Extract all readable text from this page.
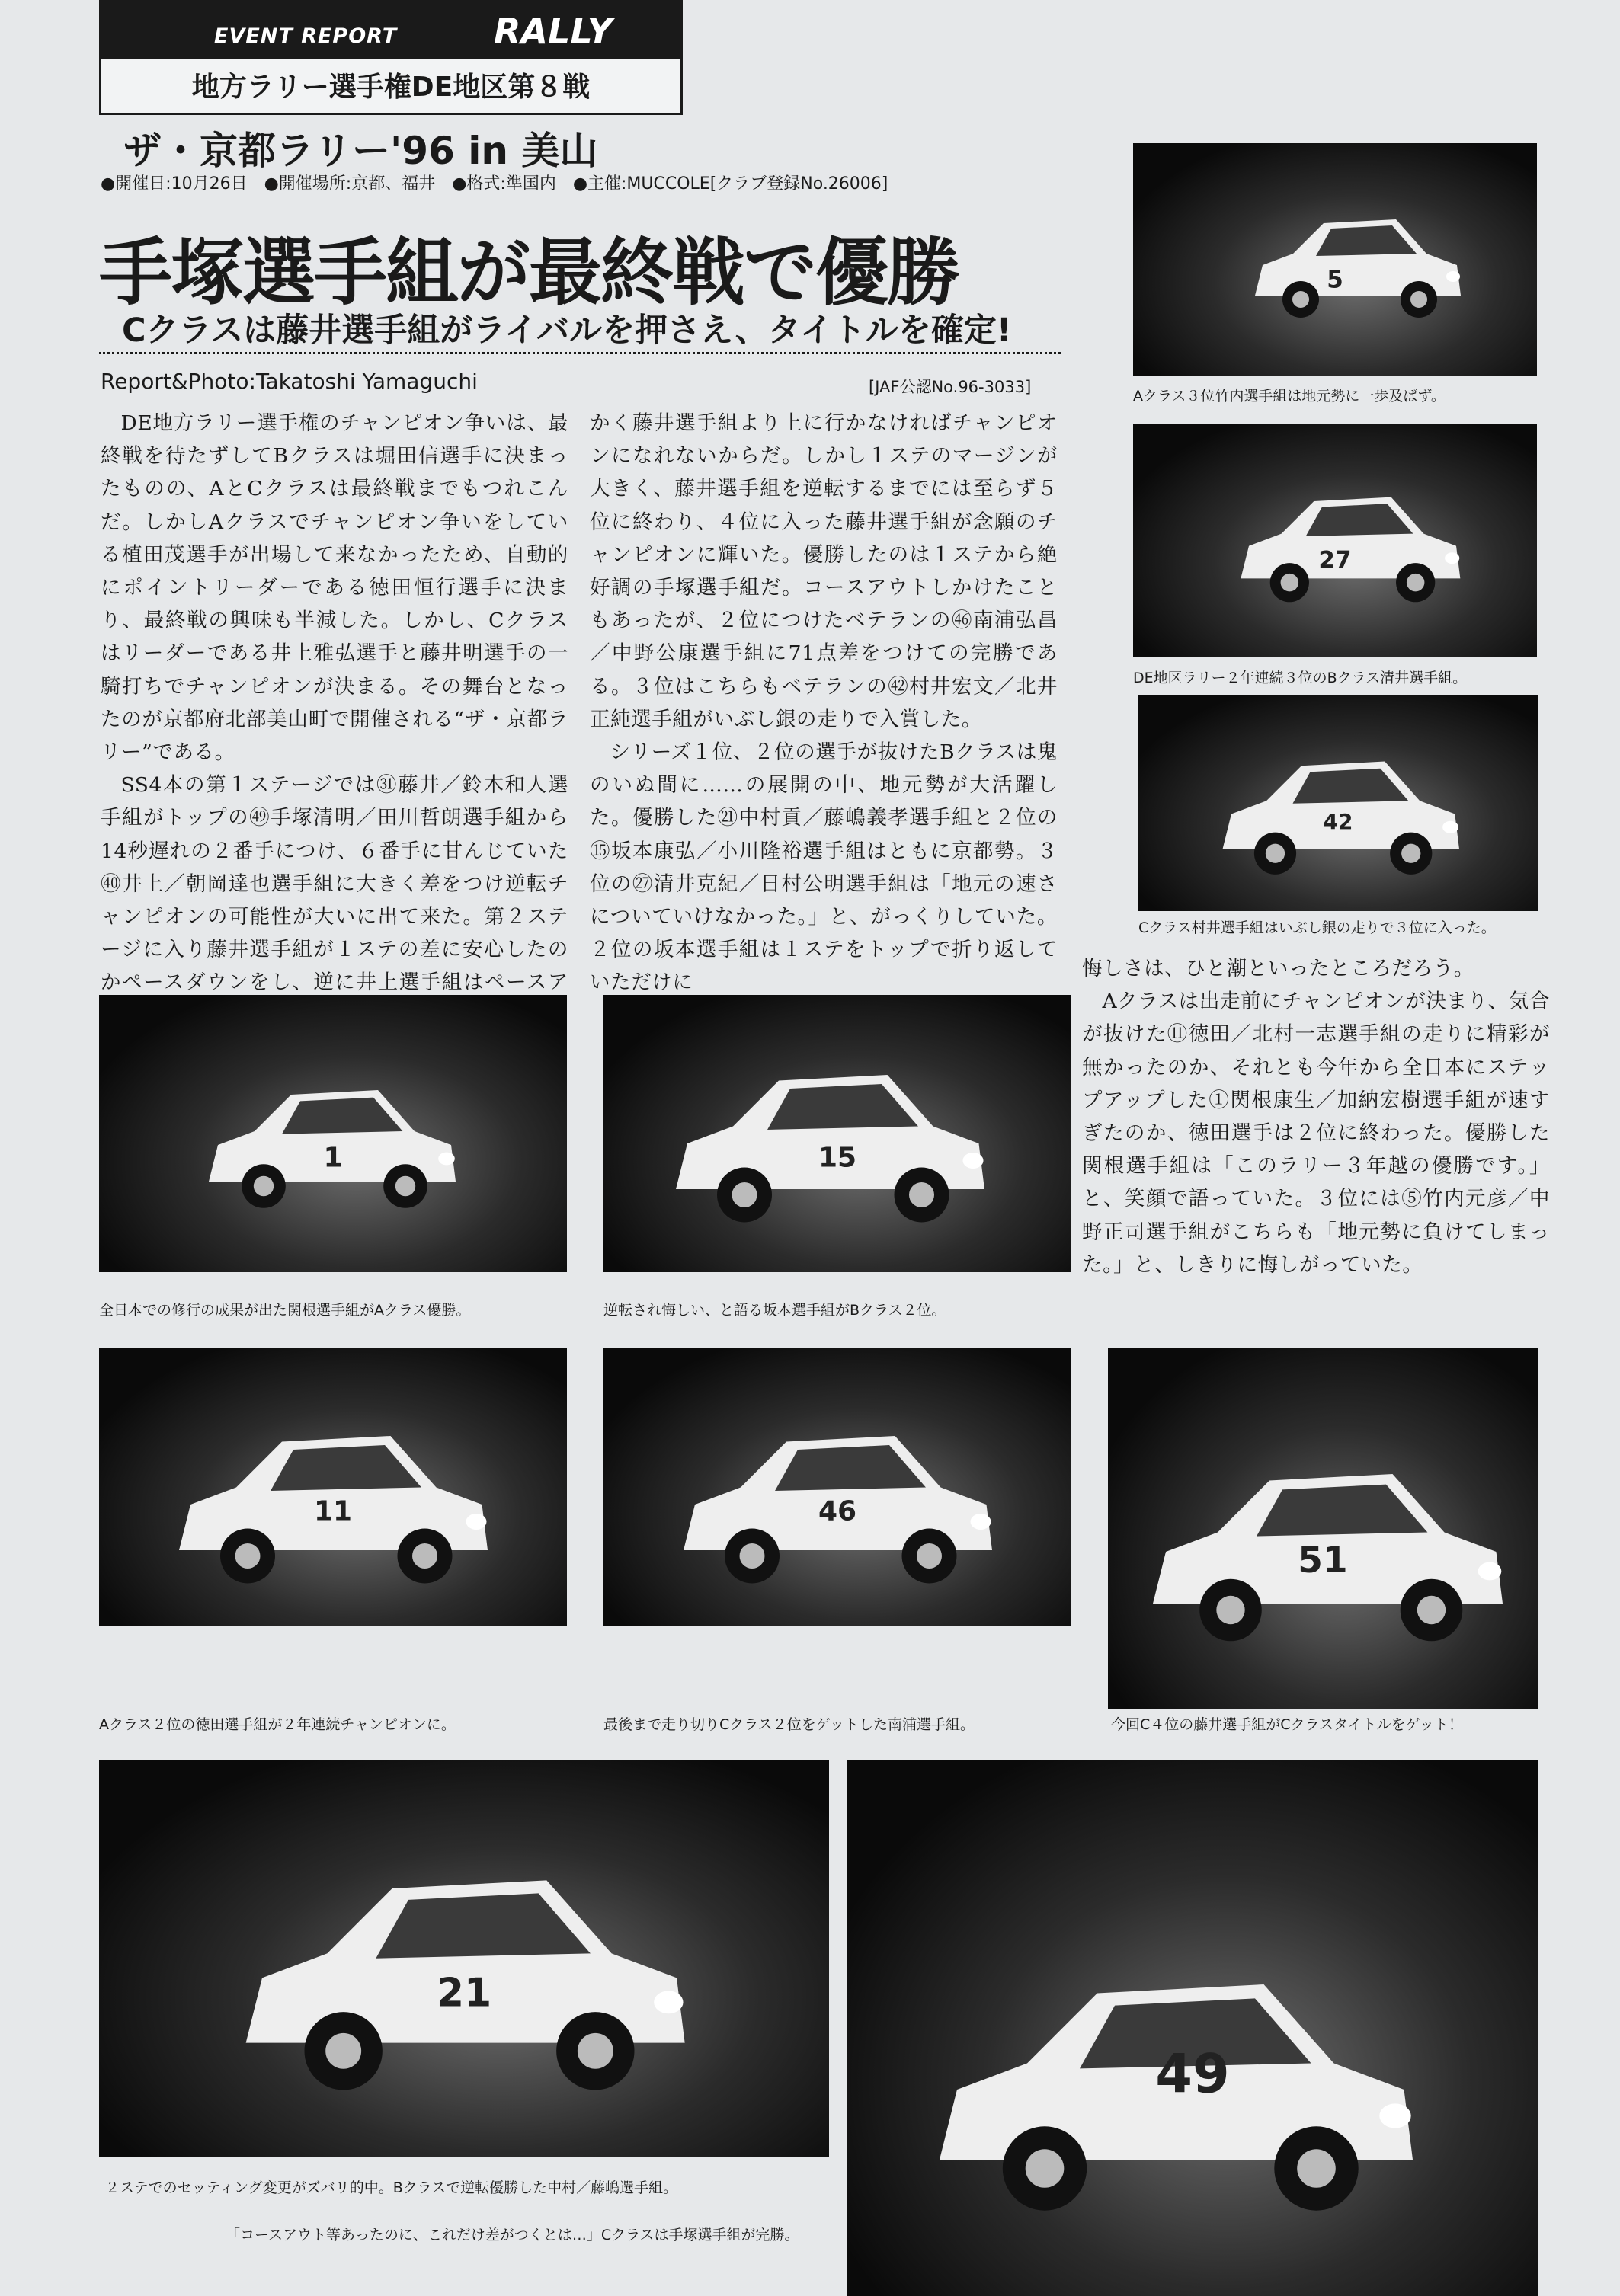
EVENT REPORT	RALLY
地方ラリー選手権DE地区第８戦
ザ・京都ラリー'96 in 美山
●開催日:10月26日　●開催場所:京都、福井　●格式:準国内　●主催:MUCCOLE[クラブ登録No.26006]
手塚選手組が最終戦で優勝
Cクラスは藤井選手組がライバルを押さえ、タイトルを確定!
Report&Photo:Takatoshi Yamaguchi	[JAF公認No.96-3033]

DE地方ラリー選手権のチャンピオン争いは、最終戦を待たずしてBクラスは堀田信選手に決まったものの、AとCクラスは最終戦までもつれこんだ。しかしAクラスでチャンピオン争いをしている植田茂選手が出場して来なかったため、自動的にポイントリーダーである徳田恒行選手に決まり、最終戦の興味も半減した。しかし、Cクラスはリーダーである井上雅弘選手と藤井明選手の一騎打ちでチャンピオンが決まる。その舞台となったのが京都府北部美山町で開催される“ザ・京都ラリー”である。

SS4本の第１ステージでは㉛藤井／鈴木和人選手組がトップの㊾手塚清明／田川哲朗選手組から14秒遅れの２番手につけ、６番手に甘んじていた㊵井上／朝岡達也選手組に大きく差をつけ逆転チャンピオンの可能性が大いに出て来た。第２ステージに入り藤井選手組が１ステの差に安心したのかペースダウンをし、逆に井上選手組はペースア

かく藤井選手組より上に行かなければチャンピオンになれないからだ。しかし１ステのマージンが大きく、藤井選手組を逆転するまでには至らず５位に終わり、４位に入った藤井選手組が念願のチャンピオンに輝いた。優勝したのは１ステから絶好調の手塚選手組だ。コースアウトしかけたこともあったが、２位につけたベテランの㊻南浦弘昌／中野公康選手組に71点差をつけての完勝である。３位はこちらもベテランの㊷村井宏文／北井正純選手組がいぶし銀の走りで入賞した。

シリーズ１位、２位の選手が抜けたBクラスは鬼のいぬ間に……の展開の中、地元勢が大活躍した。優勝した㉑中村貢／藤嶋義孝選手組と２位の⑮坂本康弘／小川隆裕選手組はともに京都勢。３位の㉗清井克紀／日村公明選手組は「地元の速さについていけなかった。」と、がっくりしていた。２位の坂本選手組は１ステをトップで折り返していただけに

悔しさは、ひと潮といったところだろう。

Aクラスは出走前にチャンピオンが決まり、気合が抜けた⑪徳田／北村一志選手組の走りに精彩が無かったのか、それとも今年から全日本にステップアップした①関根康生／加納宏樹選手組が速すぎたのか、徳田選手は２位に終わった。優勝した関根選手組は「このラリー３年越の優勝です。」と、笑顔で語っていた。３位には⑤竹内元彦／中野正司選手組がこちらも「地元勢に負けてしまった。」と、しきりに悔しがっていた。

5
Aクラス３位竹内選手組は地元勢に一歩及ばず。
27
DE地区ラリー２年連続３位のBクラス清井選手組。
42
Cクラス村井選手組はいぶし銀の走りで３位に入った。
1
全日本での修行の成果が出た関根選手組がAクラス優勝。
15
逆転され悔しい、と語る坂本選手組がBクラス２位。
11
Aクラス２位の徳田選手組が２年連続チャンピオンに。
46
最後まで走り切りCクラス２位をゲットした南浦選手組。
51
今回C４位の藤井選手組がCクラスタイトルをゲット！
21
２ステでのセッティング変更がズバリ的中。Bクラスで逆転優勝した中村／藤嶋選手組。
49
「コースアウト等あったのに、これだけ差がつくとは…」Cクラスは手塚選手組が完勝。
